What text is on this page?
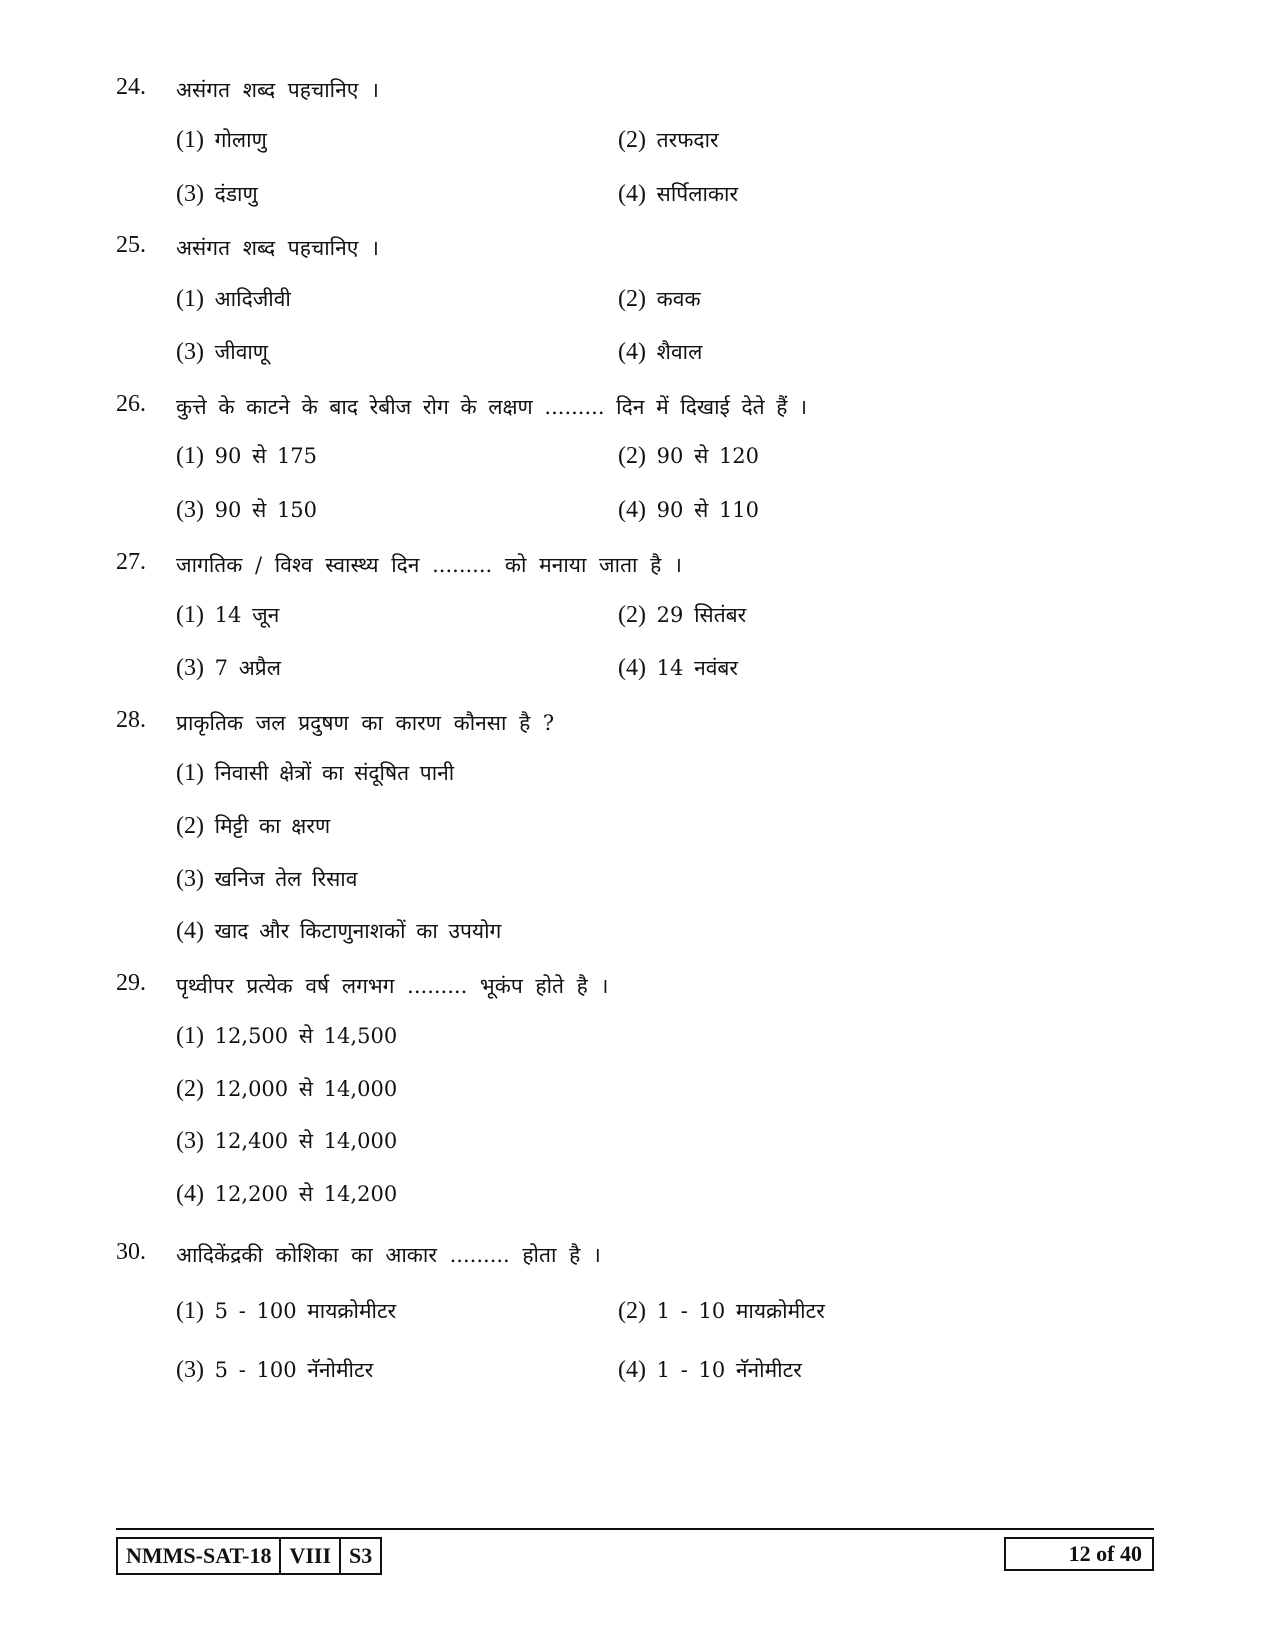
24. असंगत शब्द पहचानिए ।
(1) गोलाणु	(2) तरफदार
(3) दंडाणु	(4) सर्पिलाकार
25. असंगत शब्द पहचानिए ।
(1) आदिजीवी	(2) कवक
(3) जीवाणू	(4) शैवाल
26. कुत्ते के काटने के बाद रेबीज रोग के लक्षण ......... दिन में दिखाई देते हैं ।
(1) 90 से 175	(2) 90 से 120
(3) 90 से 150	(4) 90 से 110
27. जागतिक / विश्व स्वास्थ्य दिन ......... को मनाया जाता है ।
(1) 14 जून	(2) 29 सितंबर
(3) 7 अप्रैल	(4) 14 नवंबर
28. प्राकृतिक जल प्रदुषण का कारण कौनसा है ?
(1) निवासी क्षेत्रों का संदूषित पानी
(2) मिट्टी का क्षरण
(3) खनिज तेल रिसाव
(4) खाद और किटाणुनाशकों का उपयोग
29. पृथ्वीपर प्रत्येक वर्ष लगभग ......... भूकंप होते है ।
(1) 12,500 से 14,500
(2) 12,000 से 14,000
(3) 12,400 से 14,000
(4) 12,200 से 14,200
30. आदिकेंद्रकी कोशिका का आकार ......... होता है ।
(1) 5 - 100 मायक्रोमीटर	(2) 1 - 10 मायक्रोमीटर
(3) 5 - 100 नॅनोमीटर	(4) 1 - 10 नॅनोमीटर
NMMS-SAT-18 VIII S3	12 of 40
